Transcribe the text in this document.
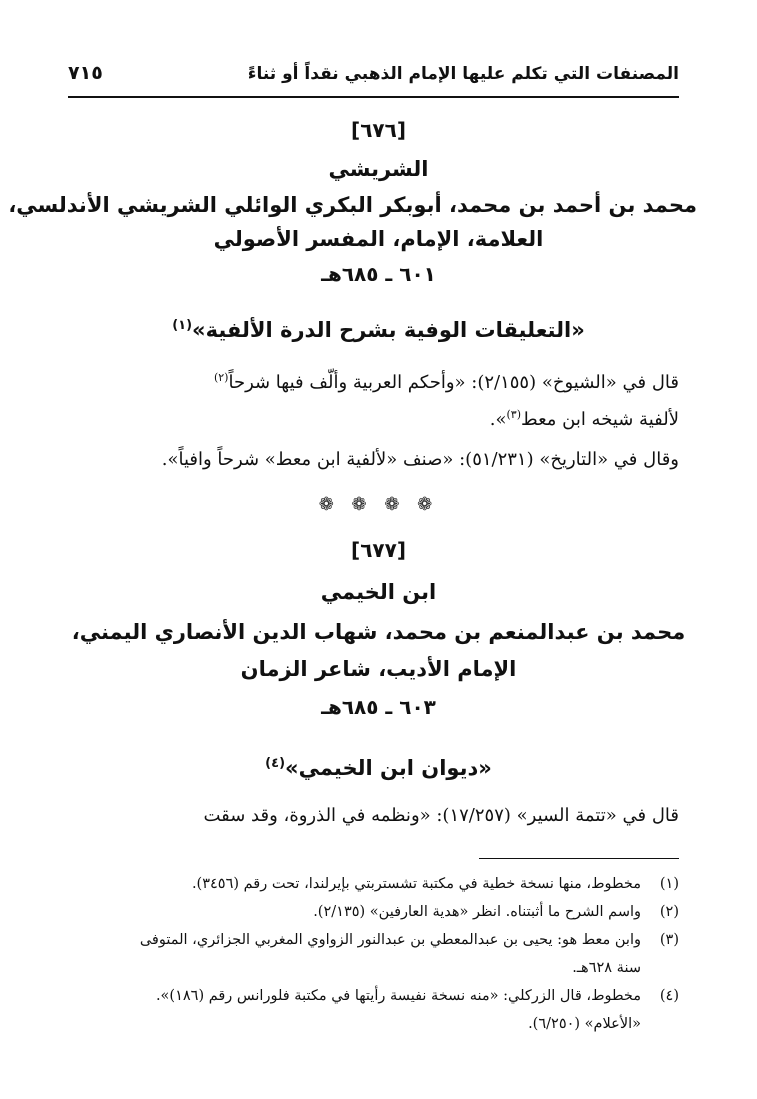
المصنفات التي تكلم عليها الإمام الذهبي نقداً أو ثناءً
٧١٥
[٦٧٦]
الشريشي
محمد بن أحمد بن محمد، أبوبكر البكري الوائلي الشريشي الأندلسي،
العلامة، الإمام، المفسر الأصولي
٦٠١ ـ ٦٨٥هـ
«التعليقات الوفية بشرح الدرة الألفية»$^{(١)}$
قال في «الشيوخ» (٢/١٥٥): «وأحكم العربية وألّف فيها شرحاً$^{(٢)}$
لألفية شيخه ابن معط$^{(٣)}$».
وقال في «التاريخ» (٥١/٢٣١): «صنف «لألفية ابن معط» شرحاً وافياً».
❁ ❁ ❁ ❁
[٦٧٧]
ابن الخيمي
محمد بن عبدالمنعم بن محمد، شهاب الدين الأنصاري اليمني،
الإمام الأديب، شاعر الزمان
٦٠٣ ـ ٦٨٥هـ
«ديوان ابن الخيمي»$^{(٤)}$
قال في «تتمة السير» (١٧/٢٥٧): «ونظمه في الذروة، وقد سقت
(١)
مخطوط، منها نسخة خطية في مكتبة تشستربتي بإيرلندا، تحت رقم (٣٤٥٦).
(٢)
واسم الشرح ما أثبتناه. انظر «هدية العارفين» (٢/١٣٥).
(٣)
وابن معط هو: يحيى بن عبدالمعطي بن عبدالنور الزواوي المغربي الجزائري، المتوفى
سنة ٦٢٨هـ.
(٤)
مخطوط، قال الزركلي: «منه نسخة نفيسة رأيتها في مكتبة فلورانس رقم (١٨٦)».
«الأعلام» (٦/٢٥٠).
